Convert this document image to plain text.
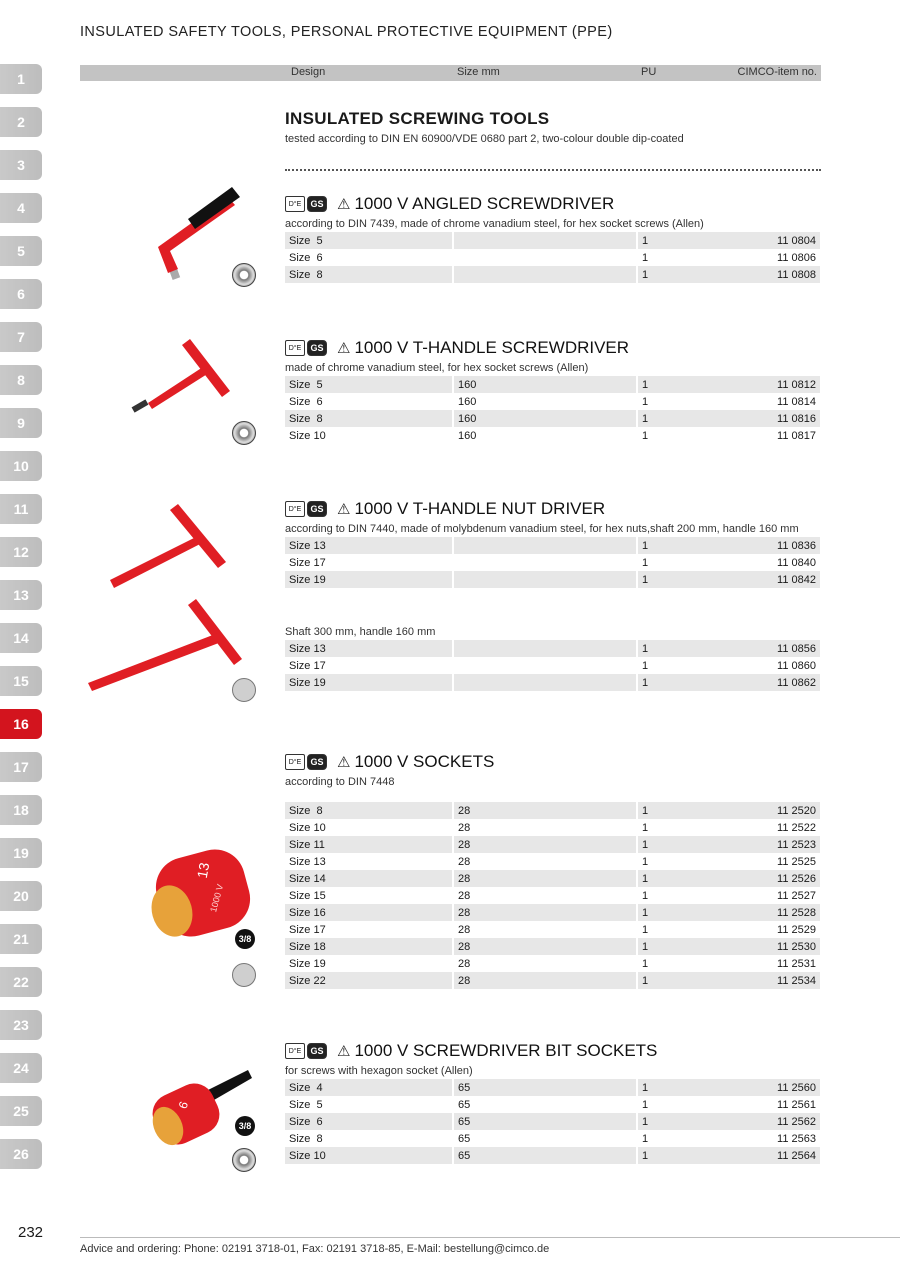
INSULATED SAFETY TOOLS, PERSONAL PROTECTIVE EQUIPMENT (PPE)
1
2
3
4
5
6
7
8
9
10
11
12
13
14
15
16
17
18
19
20
21
22
23
24
25
26
Design	Size mm	PU	CIMCO-item no.
INSULATED SCREWING TOOLS
tested according to DIN EN 60900/VDE 0680 part 2, two-colour double dip-coated
D°E	GS ⚠ 1000 V ANGLED SCREWDRIVER
according to DIN 7439, made of chrome vanadium steel, for hex socket screws (Allen)
Size  5		1	11 0804
Size  6		1	11 0806
Size  8		1	11 0808
D°E	GS ⚠ 1000 V T-HANDLE SCREWDRIVER
made of chrome vanadium steel, for hex socket screws (Allen)
Size  5	160	1	11 0812
Size  6	160	1	11 0814
Size  8	160	1	11 0816
Size 10	160	1	11 0817
D°E	GS ⚠ 1000 V T-HANDLE NUT DRIVER
according to DIN 7440, made of molybdenum vanadium steel, for hex nuts,shaft 200 mm, handle 160 mm
Size 13		1	11 0836
Size 17		1	11 0840
Size 19		1	11 0842
Shaft 300 mm, handle 160 mm
Size 13		1	11 0856
Size 17		1	11 0860
Size 19		1	11 0862
D°E	GS ⚠ 1000 V SOCKETS
according to DIN 7448
Size  8	28	1	11 2520
Size 10	28	1	11 2522
Size 11	28	1	11 2523
Size 13	28	1	11 2525
Size 14	28	1	11 2526
Size 15	28	1	11 2527
Size 16	28	1	11 2528
Size 17	28	1	11 2529
Size 18	28	1	11 2530
Size 19	28	1	11 2531
Size 22	28	1	11 2534
D°E	GS ⚠ 1000 V SCREWDRIVER BIT SOCKETS
for screws with hexagon socket (Allen)
Size  4	65	1	11 2560
Size  5	65	1	11 2561
Size  6	65	1	11 2562
Size  8	65	1	11 2563
Size 10	65	1	11 2564
13
1000 V
3/8
6
3/8
232
Advice and ordering: Phone: 02191 3718-01, Fax: 02191 3718-85, E-Mail: bestellung@cimco.de
